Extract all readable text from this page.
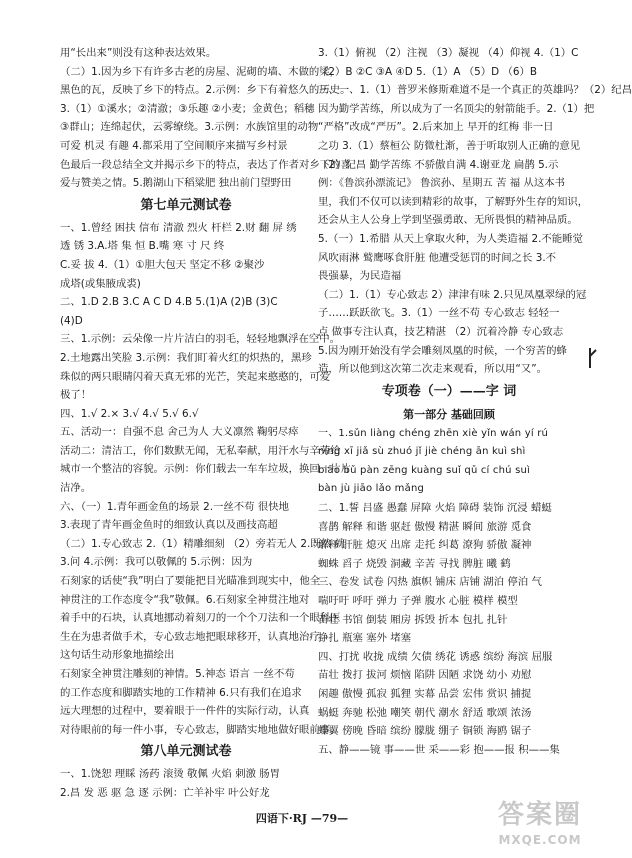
用“长出来”则没有这种表达效果。

（二）1.因为乡下有许多古老的房屋、泥砌的墙、木做的梁，

黑色的瓦，反映了乡下的特点。2.示例：乡下有着悠久的历史。

3.（1）①溪水；②清澈；③乐趣 ②小麦；金黄色；稻穗

③群山；连绵起伏，云雾缭绕。3.示例：水族馆里的动物

可爱 机灵 有趣 4.都采用了空间顺序来描写乡村景

色最后一段总结全文并揭示乡下的特点，表达了作者对乡下的喜

爱与赞美之情。5.鹅湖山下稻粱肥 独出前门望野田

第七单元测试卷

一、1.曾经 困扶 信布 清澈 烈火 杆栏 2.财 翻 屏 绣

透 锈 3.A.塔 集 恒 B.嘴 寒 寸 尺 终

C.妥 拔 4.（1）①胆大包天 坚定不移 ②聚沙

成塔(或集腋成裘)

二、1.D 2.B 3.C A C D 4.B 5.(1)A (2)B (3)C

(4)D

三、1.示例：云朵像一片片洁白的羽毛，轻轻地飘浮在空中。

2.土地露出笑脸 3.示例：我们盯着火红的炽热的，黑珍

珠似的两只眼睛闪着天真无邪的光芒，笑起来憨憨的，可爱

极了！

四、1.√ 2.× 3.√ 4.√ 5.√ 6.√

五、活动一：自强不息 舍己为人 大义凛然 鞠躬尽瘁

活动二：清洁工，你们数默无闻，无私奉献，用汗水与辛劳给

城市一个整洁的容貌。示例：你们载去一车车垃圾，换回一片片

洁净。

六、（一）1.青年画金鱼的场景 2.一丝不苟 很快地

3.表现了青年画金鱼时的细致认真以及画技高超

（二）1.专心致志 2.（1）精雕细刻 （2）旁若无人 2.既然 就

3.问 4.示例：我可以敬佩的 5.示例：因为

石刻家的话使“我”明白了要能把目光瞄准到现实中，他全

神贯注的工作态度令“我”敬佩。6.石刻家全神贯注地对

着手中的石块，认真地挪动着刻刀的一个个刀法和一个眼科医

生在为患者做手术，专心致志地把眼球移开，认真地治疗。

这句话生动形象地描绘出

石刻家全神贯注雕刻的神情。5.神态 语言 一丝不苟

的工作态度和脚踏实地的工作精神 6.只有我们在追求

远大理想的过程中，要着眼于一件件的实际行动，认真

对待眼前的每一件小事，专心致志，脚踏实地地做好眼前事。

第八单元测试卷

一、1.饶恕 理睬 汤药 滚烫 敬佩 火焰 刺激 肠胃

2.昌 发 恶 驱 急 逐 示例：亡羊补牢 叶公好龙

3.（1）俯视 （2）注视 （3）凝视 （4）仰视 4.（1）C

（2）B ②C ③A ④D 5.（1）A （5）D （6）B

三、一、1.（1）普罗米修斯难道不是一个真正的英雄吗？（2）纪昌

因为勤学苦练，所以成为了一名顶尖的射箭能手。2.（1）把

“严格”改成“严历”。2.后来加上 早开的红梅 非一日

之功 3.（1）蔡桓公 防微杜渐，善于听取别人正确的意见

（2）纪昌 勤学苦练 不骄傲自满 4.谢亚龙 扁鹊 5.示

例：《鲁滨孙漂流记》 鲁滨孙、星期五 苦 福 从这本书

里，我们不仅可以读到精彩的故事，了解野外生存的知识，

还会从主人公身上学到坚强勇敢、无所畏惧的精神品质。

5.（一）1.希腊 从天上拿取火种，为人类造福 2.不能睡觉

风吹雨淋 鹫鹰啄食肝脏 他遭受惩罚的时间之长 3.不

畏强暴，为民造福

（二）1.（1）专心致志 2）津津有味 2.只见凤凰翠绿的冠

子……跃跃欲飞。3.（1）一丝不苟 专心致志 轻轻一

点 做事专注认真，技艺精湛 （2）沉着冷静 专心致志

5.因为刚开始没有学会雕刻凤凰的时候，一个穷苦的蜂

造，所以他到这次第二次走来观看，所以用“又”。

专项卷（一）——字 词
第一部分 基础回顾

一、1.sǔn liàng chéng zhēn xiè yǐn wán yí rú

níng xī jiǎ sù zhuó jǐ jiè chéng ān kuì shì

biāo bǔ pàn zēng kuàng suǐ qǔ cí chú suì

bàn jù jiāo lǎo mǎng

二、1.誓 吕盛 愚蠢 屏障 火焰 障碍 装饰 沉浸 蜡蜓

喜鹊 解释 和谐 驱赶 傲慢 精湛 瞬间 旅游 觅食

解释 肝脏 熄灭 出席 走托 纠葛 潦狗 骄傲 凝神

蜘蛛 舀子 烧毁 洞藏 辛苦 寻找 脾脏 曦 鹤

三、卷发 试卷 闪热 旗帜 铺床 店铺 湖泊 停泊 气

喘吁吁 呼吁 弹力 子弹 腹水 心脏 模样 模型

苗壮 书馆 倒装 厢房 拆毁 折本 包扎 扎针

挣扎 瓶塞 塞外 堵塞

四、打扰 收拢 成绩 欠债 绣花 诱惑 缤纷 海滨 屈服

苗壮 拨打 拔河 烦恼 陷阱 因陋 求饶 幼小 劝慰

闲趣 傲慢 孤寂 狐狸 实幕 品尝 宏伟 赏识 捕捉

蜗蜓 奔驰 松弛 嘲笑 朝代 潮水 舒适 歌颂 浓汤

蝶翼 傍晚 昏暗 缤纷 朦胧 绷子 铜锁 海鸥 锯子

五、静——镜 事——世 采——彩 抱——报 积——集

四语下·RJ —79—	答案圈
MXQE.COM
